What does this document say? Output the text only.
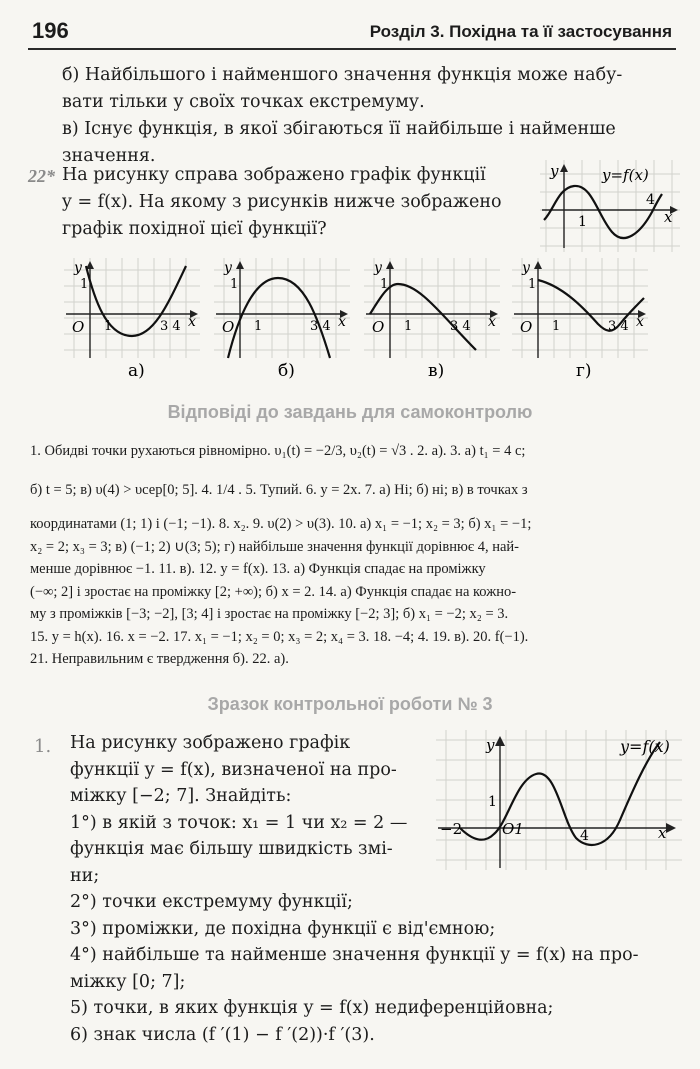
196	Розділ 3. Похідна та її застосування
б) Найбільшого і найменшого значення функція може набу-
вати тільки у своїх точках екстремуму.
в) Існує функція, в якої збігаються її найбільше і найменше
значення.
22* На рисунку справа зображено графік функції
y = f(x). На якому з рисунків нижче зображено
графік похідної цієї функції?
y	y=f(x)
1
4
x
y
1
O 1	3 4 x
а)
y
1
O 1	3 4 x
б)
y
1
O 1	3 4 x
в)
y
1
O 1	3 4 x
г)
Відповіді до завдань для самоконтролю

1. Обидві точки рухаються рівномірно. υ₁(t) = −2/3, υ₂(t) = √3 . 2. а). 3. а) t₁ = 4 с;

б) t = 5; в) υ(4) > υсер[0; 5]. 4. 1/4 . 5. Тупий. 6. y = 2x. 7. а) Ні; б) ні; в) в точках з

координатами (1; 1) і (−1; −1). 8. x₂. 9. υ(2) > υ(3). 10. а) x₁ = −1; x₂ = 3; б) x₁ = −1;

x₂ = 2; x₃ = 3; в) (−1; 2) ∪(3; 5); г) найбільше значення функції дорівнює 4, най-

менше дорівнює −1. 11. в). 12. y = f(x). 13. а) Функція спадає на проміжку

(−∞; 2] і зростає на проміжку [2; +∞); б) x = 2. 14. а) Функція спадає на кожно-

му з проміжків [−3; −2], [3; 4] і зростає на проміжку [−2; 3]; б) x₁ = −2; x₂ = 3.

15. y = h(x). 16. x = −2. 17. x₁ = −1; x₂ = 0; x₃ = 2; x₄ = 3. 18. −4; 4. 19. в). 20. f(−1).

21. Неправильним є твердження б). 22. а).

Зразок контрольної роботи № 3
1. На рисунку зображено графік
функції y = f(x), визначеної на про-
міжку [−2; 7]. Знайдіть:
1°) в якій з точок: x₁ = 1 чи x₂ = 2 —
функція має більшу швидкість змі-
ни;
y	y=f(x)
1
−2	O1	4	x
2°) точки екстремуму функції;
3°) проміжки, де похідна функції є від'ємною;
4°) найбільше та найменше значення функції y = f(x) на про-
міжку [0; 7];
5) точки, в яких функція y = f(x) недиференційовна;
6) знак числа (f ′(1) − f ′(2))·f ′(3).
